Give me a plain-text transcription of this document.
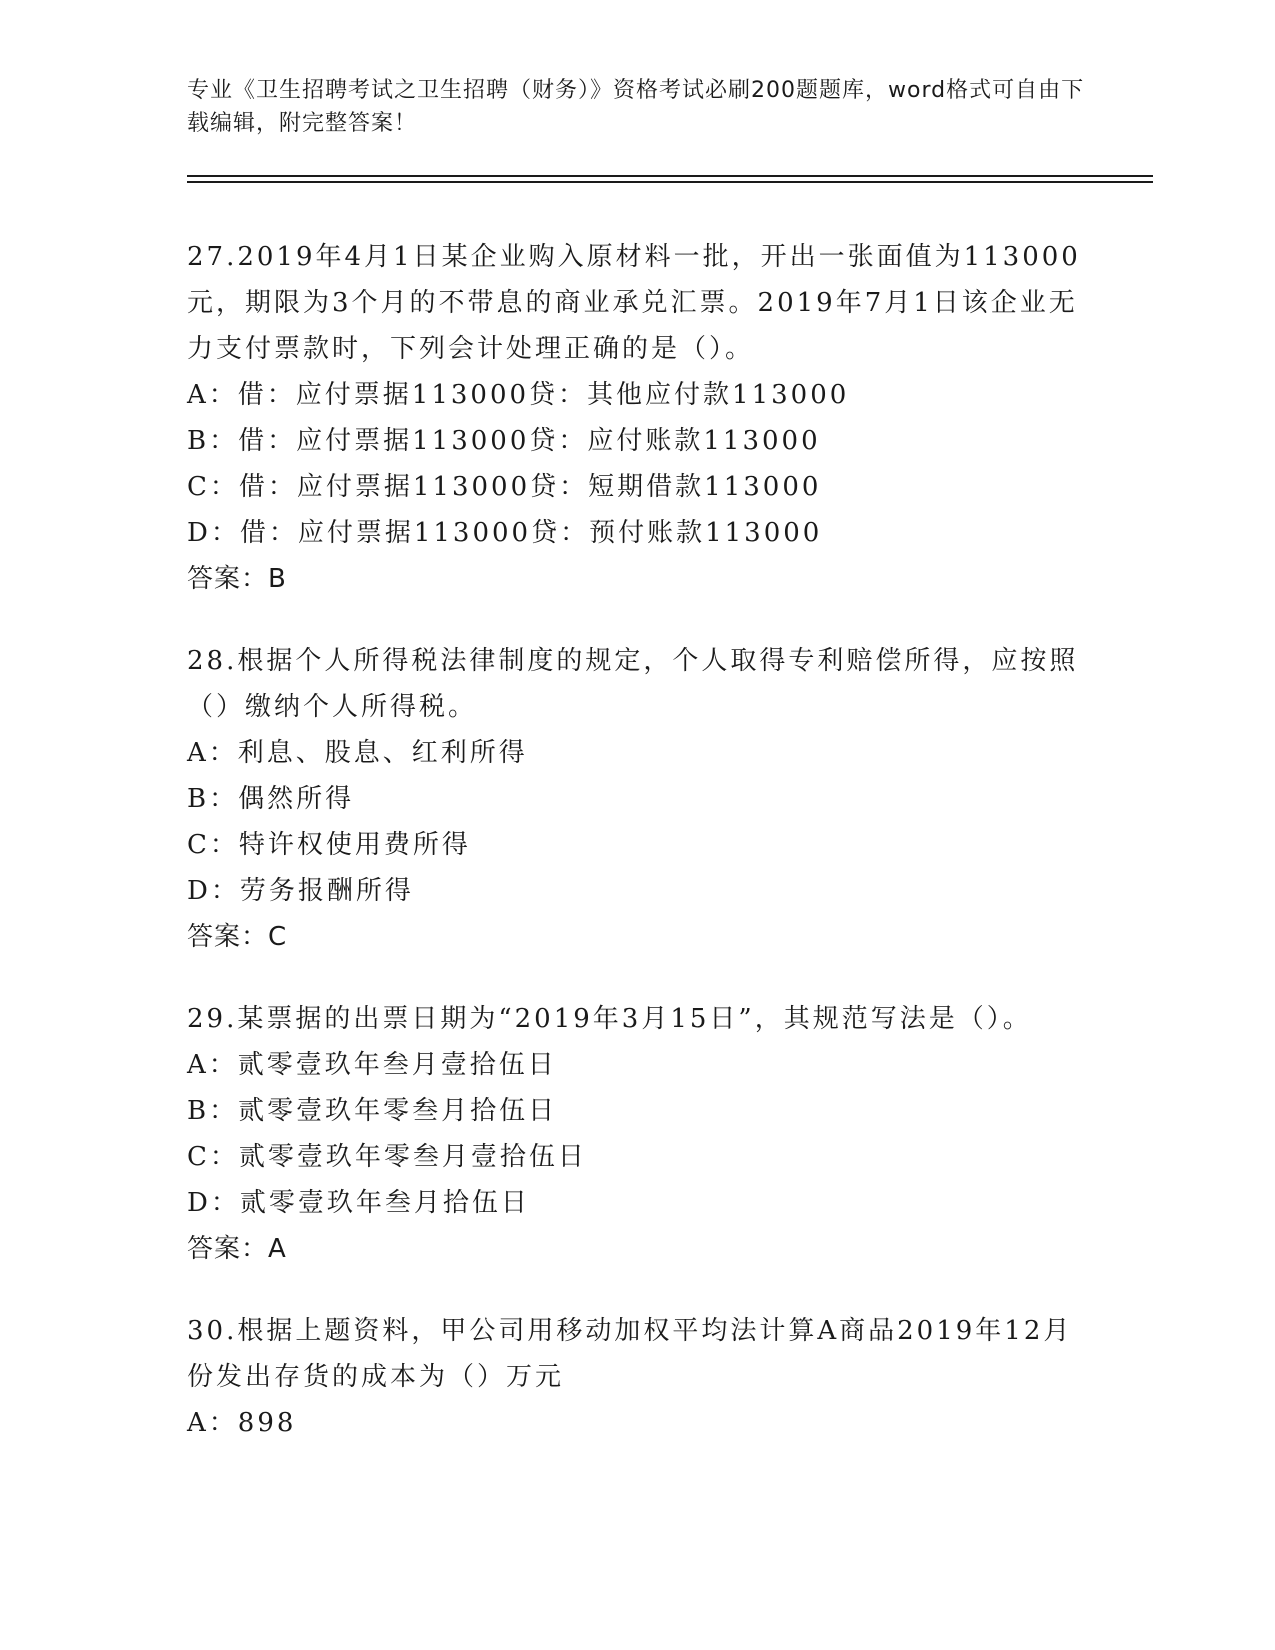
专业《卫生招聘考试之卫生招聘（财务）》资格考试必刷200题题库，word格式可自由下载编辑，附完整答案！
27.2019年4月1日某企业购入原材料一批，开出一张面值为113000元，期限为3个月的不带息的商业承兑汇票。2019年7月1日该企业无力支付票款时，下列会计处理正确的是（）。
A：借：应付票据113000贷：其他应付款113000
B：借：应付票据113000贷：应付账款113000
C：借：应付票据113000贷：短期借款113000
D：借：应付票据113000贷：预付账款113000
答案：B
28.根据个人所得税法律制度的规定，个人取得专利赔偿所得，应按照（）缴纳个人所得税。
A：利息、股息、红利所得
B：偶然所得
C：特许权使用费所得
D：劳务报酬所得
答案：C
29.某票据的出票日期为“2019年3月15日”，其规范写法是（）。
A：贰零壹玖年叁月壹拾伍日
B：贰零壹玖年零叁月拾伍日
C：贰零壹玖年零叁月壹拾伍日
D：贰零壹玖年叁月拾伍日
答案：A
30.根据上题资料，甲公司用移动加权平均法计算A商品2019年12月份发出存货的成本为（）万元
A：898
